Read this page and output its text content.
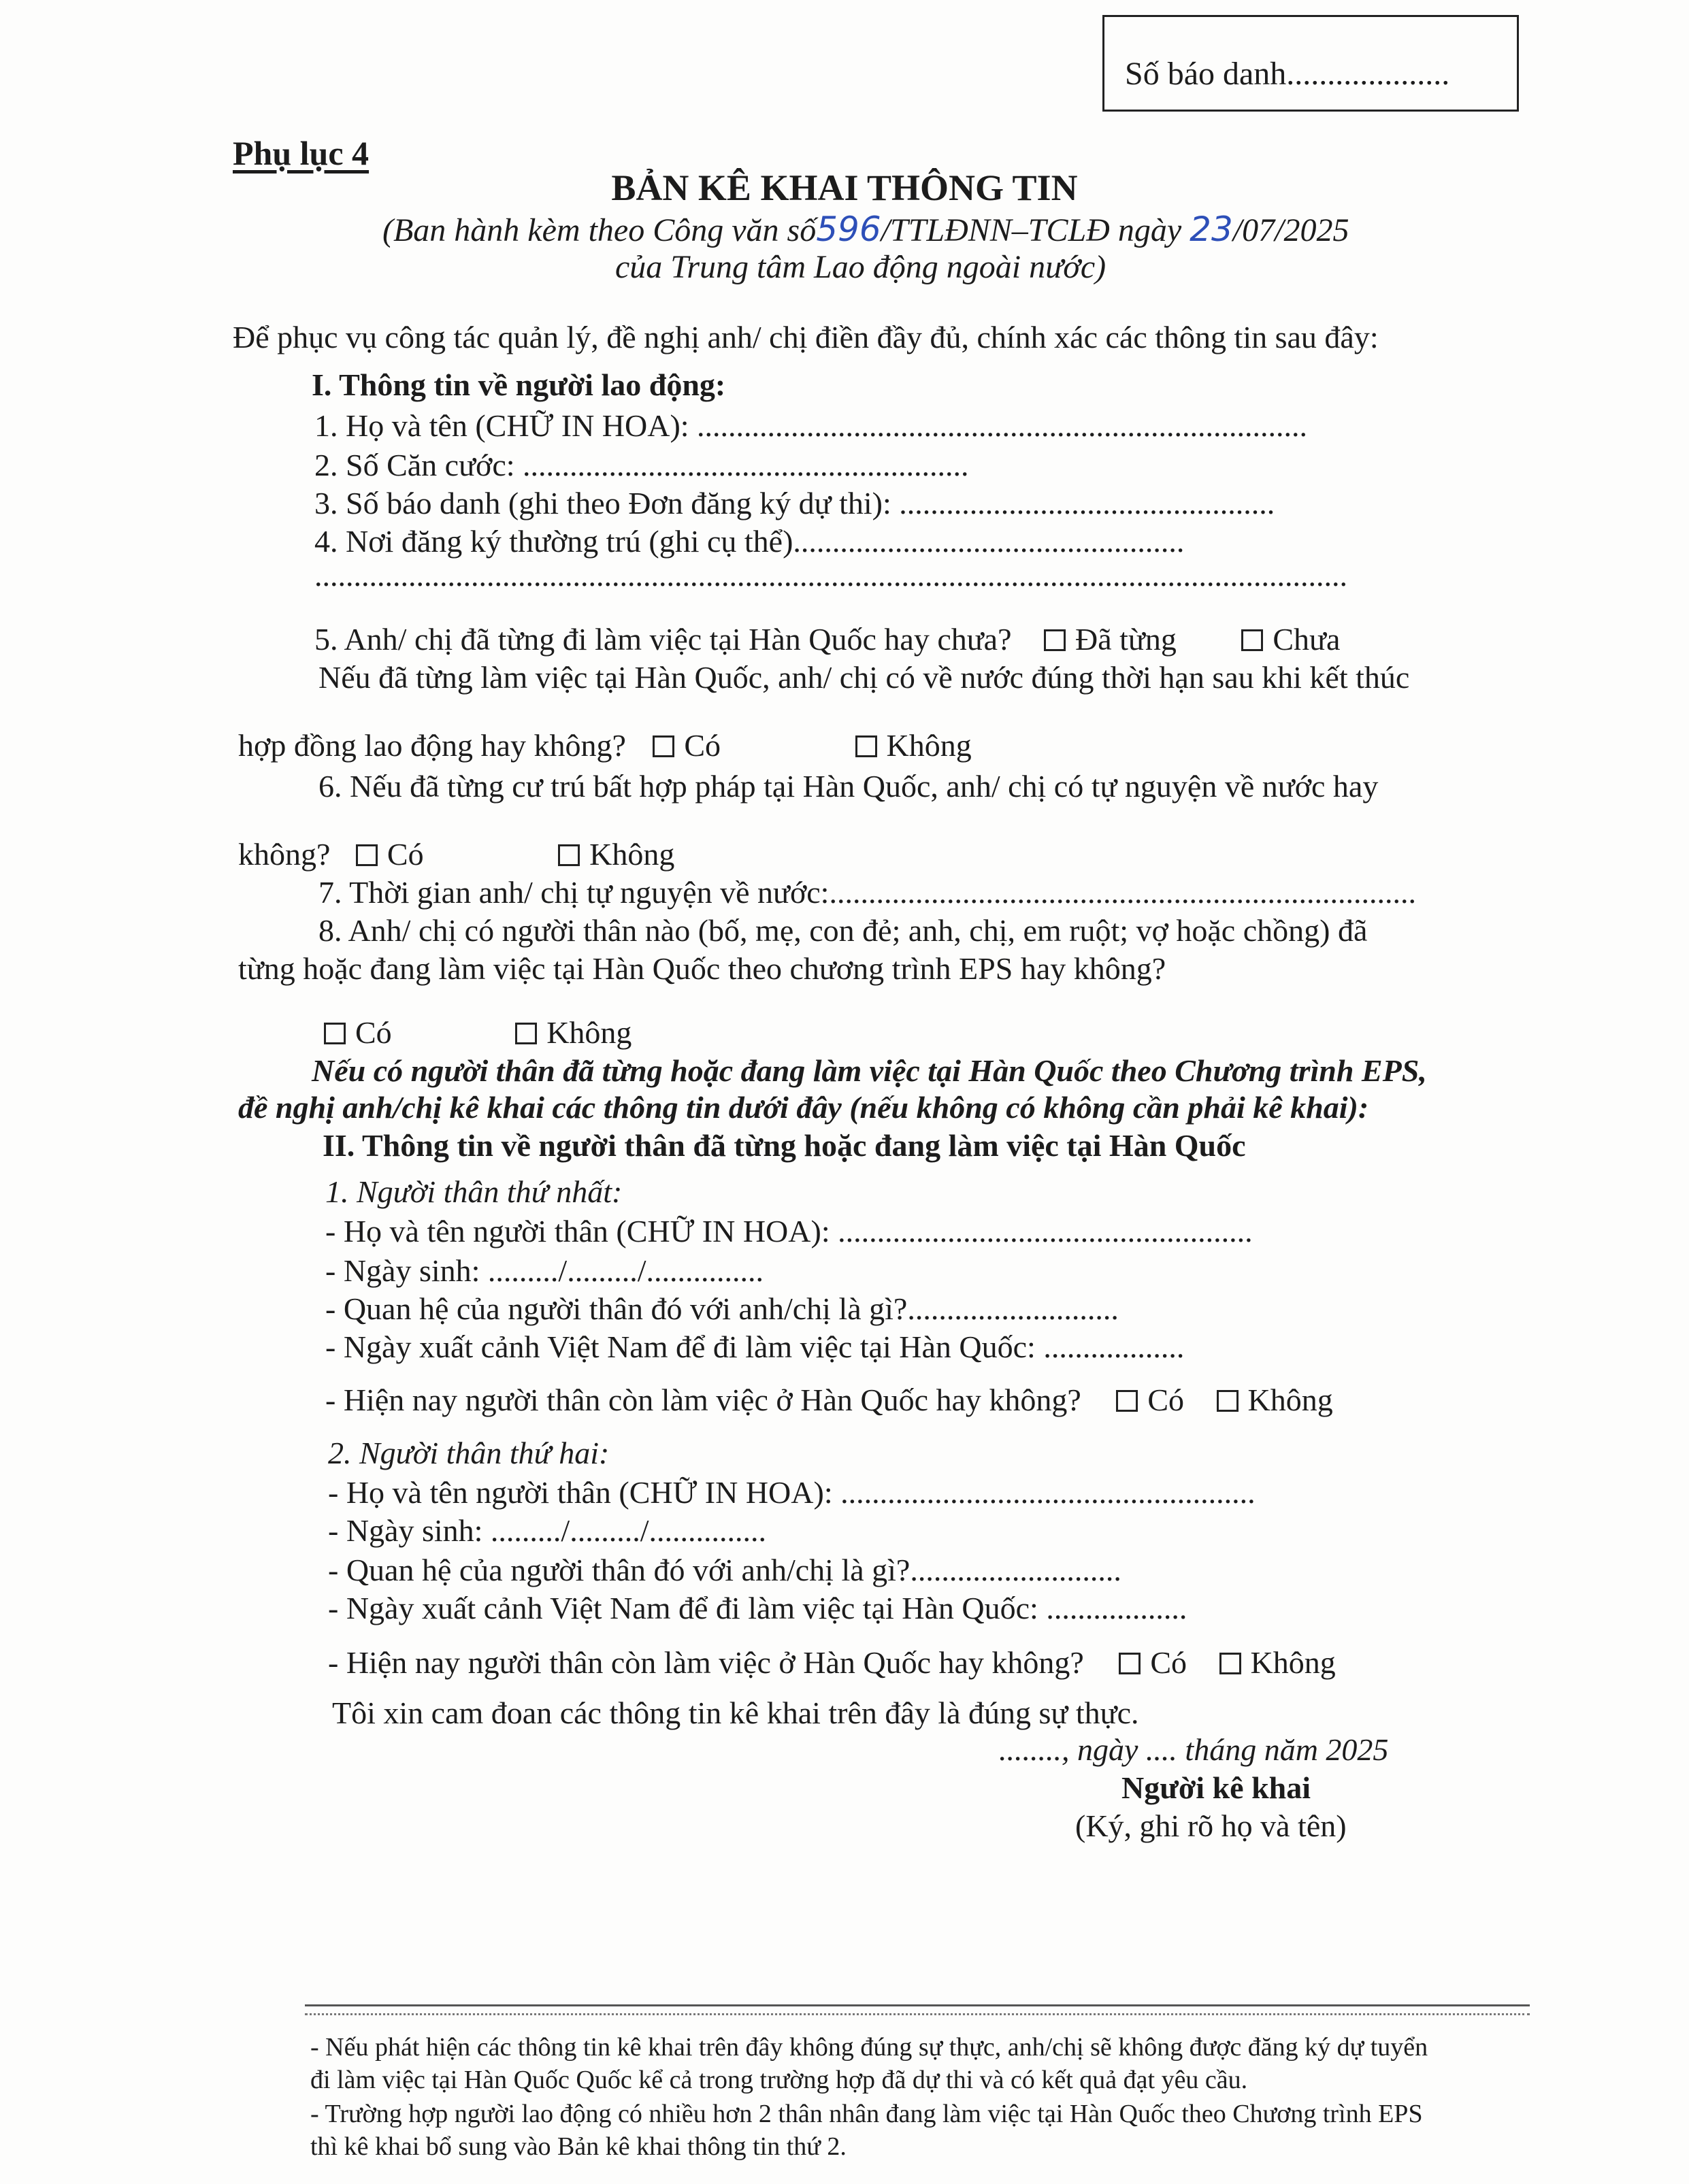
Số báo danh....................
Phụ lục 4
BẢN KÊ KHAI THÔNG TIN
(Ban hành kèm theo Công văn số596/TTLĐNN–TCLĐ ngày 23/07/2025
của Trung tâm Lao động ngoài nước)
Để phục vụ công tác quản lý, đề nghị anh/ chị điền đầy đủ, chính xác các thông tin sau đây:
I. Thông tin về người lao động:
1. Họ và tên (CHỮ IN HOA): ..............................................................................
2. Số Căn cước: .........................................................
3. Số báo danh (ghi theo Đơn đăng ký dự thi): ................................................
4. Nơi đăng ký thường trú (ghi cụ thể)..................................................
....................................................................................................................................
5. Anh/ chị đã từng đi làm việc tại Hàn Quốc hay chưa? Đã từng	Chưa
Nếu đã từng làm việc tại Hàn Quốc, anh/ chị có về nước đúng thời hạn sau khi kết thúc
hợp đồng lao động hay không? Có	Không
6. Nếu đã từng cư trú bất hợp pháp tại Hàn Quốc, anh/ chị có tự nguyện về nước hay
không? Có	Không
7. Thời gian anh/ chị tự nguyện về nước:...........................................................................
8. Anh/ chị có người thân nào (bố, mẹ, con đẻ; anh, chị, em ruột; vợ hoặc chồng) đã
từng hoặc đang làm việc tại Hàn Quốc theo chương trình EPS hay không?
Có	Không
Nếu có người thân đã từng hoặc đang làm việc tại Hàn Quốc theo Chương trình EPS,
đề nghị anh/chị kê khai các thông tin dưới đây (nếu không có không cần phải kê khai):
II. Thông tin về người thân đã từng hoặc đang làm việc tại Hàn Quốc
1. Người thân thứ nhất:
- Họ và tên người thân (CHỮ IN HOA): .....................................................
- Ngày sinh: ........./........./...............
- Quan hệ của người thân đó với anh/chị là gì?...........................
- Ngày xuất cảnh Việt Nam để đi làm việc tại Hàn Quốc: ..................
- Hiện nay người thân còn làm việc ở Hàn Quốc hay không? Có Không
2. Người thân thứ hai:
- Họ và tên người thân (CHỮ IN HOA): .....................................................
- Ngày sinh: ........./........./...............
- Quan hệ của người thân đó với anh/chị là gì?...........................
- Ngày xuất cảnh Việt Nam để đi làm việc tại Hàn Quốc: ..................
- Hiện nay người thân còn làm việc ở Hàn Quốc hay không? Có Không
Tôi xin cam đoan các thông tin kê khai trên đây là đúng sự thực.
........, ngày .... tháng năm 2025
Người kê khai
(Ký, ghi rõ họ và tên)
- Nếu phát hiện các thông tin kê khai trên đây không đúng sự thực, anh/chị sẽ không được đăng ký dự tuyển
đi làm việc tại Hàn Quốc Quốc kể cả trong trường hợp đã dự thi và có kết quả đạt yêu cầu.
- Trường hợp người lao động có nhiều hơn 2 thân nhân đang làm việc tại Hàn Quốc theo Chương trình EPS
thì kê khai bổ sung vào Bản kê khai thông tin thứ 2.
